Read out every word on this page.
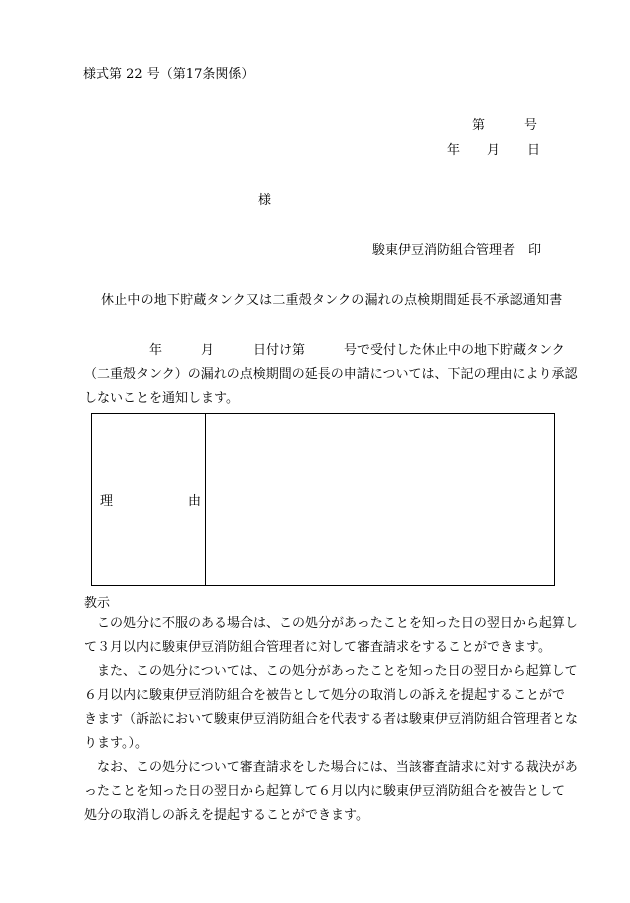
様式第 22 号（第17条関係）
第	号
年 月 日
様
駿東伊豆消防組合管理者　印
休止中の地下貯蔵タンク又は二重殻タンクの漏れの点検期間延長不承認通知書
　　　　　年　　　月　　　日付け第　　　号で受付した休止中の地下貯蔵タンク
（二重殻タンク）の漏れの点検期間の延長の申請については、下記の理由により承認
しないことを通知します。
理	由
教示
この処分に不服のある場合は、この処分があったことを知った日の翌日から起算し
て３月以内に駿東伊豆消防組合管理者に対して審査請求をすることができます。
また、この処分については、この処分があったことを知った日の翌日から起算して
６月以内に駿東伊豆消防組合を被告として処分の取消しの訴えを提起することがで
きます（訴訟において駿東伊豆消防組合を代表する者は駿東伊豆消防組合管理者とな
ります。）。
なお、この処分について審査請求をした場合には、当該審査請求に対する裁決があ
ったことを知った日の翌日から起算して６月以内に駿東伊豆消防組合を被告として
処分の取消しの訴えを提起することができます。
